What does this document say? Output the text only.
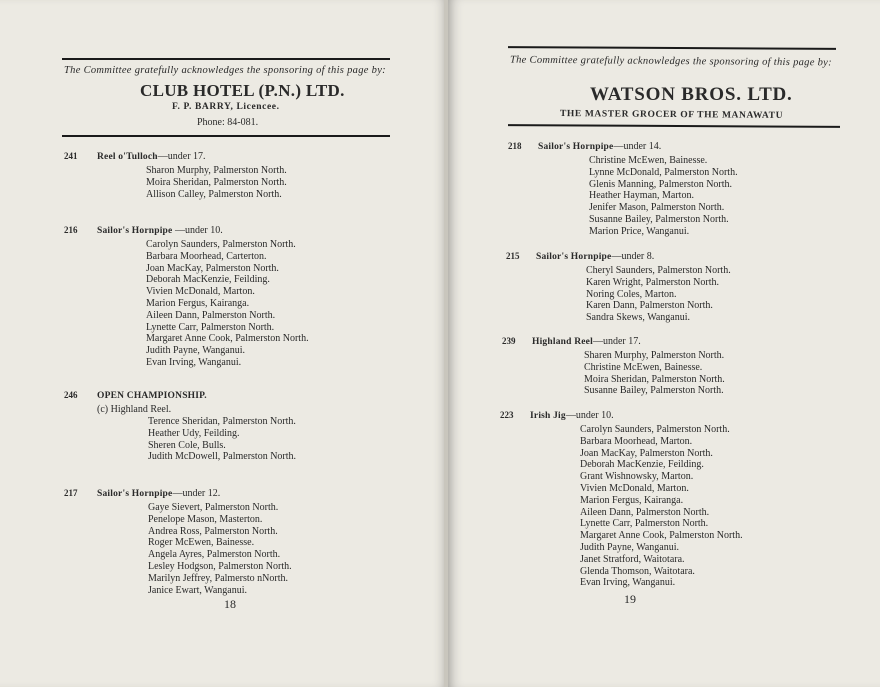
The Committee gratefully acknowledges the sponsoring of this page by:
CLUB HOTEL (P.N.) LTD.
F. P. BARRY, Licencee.
Phone: 84-081.
241 Reel o'Tulloch—under 17.
Sharon Murphy, Palmerston North.
Moira Sheridan, Palmerston North.
Allison Calley, Palmerston North.
216 Sailor's Hornpipe —under 10.
Carolyn Saunders, Palmerston North.
Barbara Moorhead, Carterton.
Joan MacKay, Palmerston North.
Deborah MacKenzie, Feilding.
Vivien McDonald, Marton.
Marion Fergus, Kairanga.
Aileen Dann, Palmerston North.
Lynette Carr, Palmerston North.
Margaret Anne Cook, Palmerston North.
Judith Payne, Wanganui.
Evan Irving, Wanganui.
246 OPEN CHAMPIONSHIP.
(c) Highland Reel.
Terence Sheridan, Palmerston North.
Heather Udy, Feilding.
Sheren Cole, Bulls.
Judith McDowell, Palmerston North.
217 Sailor's Hornpipe—under 12.
Gaye Sievert, Palmerston North.
Penelope Mason, Masterton.
Andrea Ross, Palmerston North.
Roger McEwen, Bainesse.
Angela Ayres, Palmerston North.
Lesley Hodgson, Palmerston North.
Marilyn Jeffrey, Palmersto nNorth.
Janice Ewart, Wanganui.
18
The Committee gratefully acknowledges the sponsoring of this page by:
WATSON BROS. LTD.
THE MASTER GROCER OF THE MANAWATU
218 Sailor's Hornpipe—under 14.
Christine McEwen, Bainesse.
Lynne McDonald, Palmerston North.
Glenis Manning, Palmerston North.
Heather Hayman, Marton.
Jenifer Mason, Palmerston North.
Susanne Bailey, Palmerston North.
Marion Price, Wanganui.
215 Sailor's Hornpipe—under 8.
Cheryl Saunders, Palmerston North.
Karen Wright, Palmerston North.
Noring Coles, Marton.
Karen Dann, Palmerston North.
Sandra Skews, Wanganui.
239 Highland Reel—under 17.
Sharen Murphy, Palmerston North.
Christine McEwen, Bainesse.
Moira Sheridan, Palmerston North.
Susanne Bailey, Palmerston North.
223 Irish Jig—under 10.
Carolyn Saunders, Palmerston North.
Barbara Moorhead, Marton.
Joan MacKay, Palmerston North.
Deborah MacKenzie, Feilding.
Grant Wishnowsky, Marton.
Vivien McDonald, Marton.
Marion Fergus, Kairanga.
Aileen Dann, Palmerston North.
Lynette Carr, Palmerston North.
Margaret Anne Cook, Palmerston North.
Judith Payne, Wanganui.
Janet Stratford, Waitotara.
Glenda Thomson, Waitotara.
Evan Irving, Wanganui.
19
